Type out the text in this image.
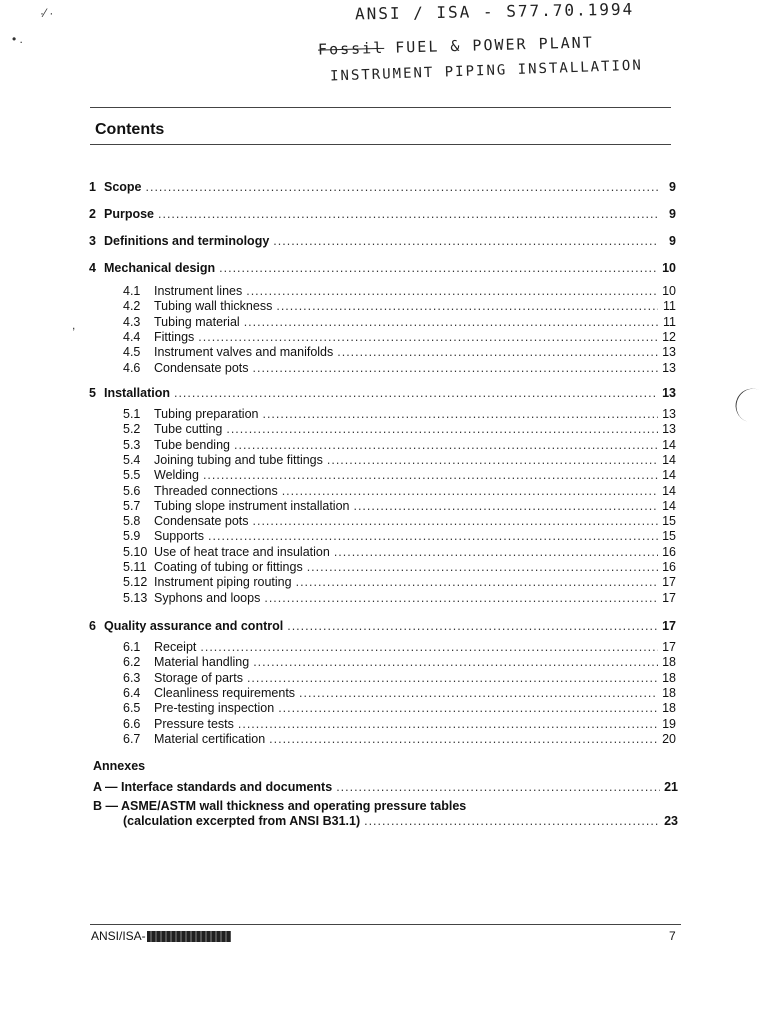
ANSI / ISA - S77.70.1994
Fossil FUEL & POWER PLANT
INSTRUMENT PIPING INSTALLATION
·⁄ ·
• .
,
Contents
1 Scope .....	9
2 Purpose .....	9
3 Definitions and terminology .....	9
4 Mechanical design .....	10
4.1	Instrument lines .....	10
4.2	Tubing wall thickness .....	11
4.3	Tubing material .....	11
4.4	Fittings .....	12
4.5	Instrument valves and manifolds .....	13
4.6	Condensate pots .....	13
5 Installation .....	13
5.1	Tubing preparation .....	13
5.2	Tube cutting .....	13
5.3	Tube bending .....	14
5.4	Joining tubing and tube fittings .....	14
5.5	Welding .....	14
5.6	Threaded connections .....	14
5.7	Tubing slope instrument installation .....	14
5.8	Condensate pots .....	15
5.9	Supports .....	15
5.10 Use of heat trace and insulation .....	16
5.11 Coating of tubing or fittings .....	16
5.12 Instrument piping routing .....	17
5.13 Syphons and loops .....	17
6 Quality assurance and control .....	17
6.1	Receipt .....	17
6.2	Material handling .....	18
6.3	Storage of parts .....	18
6.4	Cleanliness requirements .....	18
6.5	Pre-testing inspection .....	18
6.6	Pressure tests .....	19
6.7	Material certification .....	20
Annexes
A — Interface standards and documents .....	21
B — ASME/ASTM wall thickness and operating pressure tables
(calculation excerpted from ANSI B31.1) .....	23
ANSI/ISA-	7
